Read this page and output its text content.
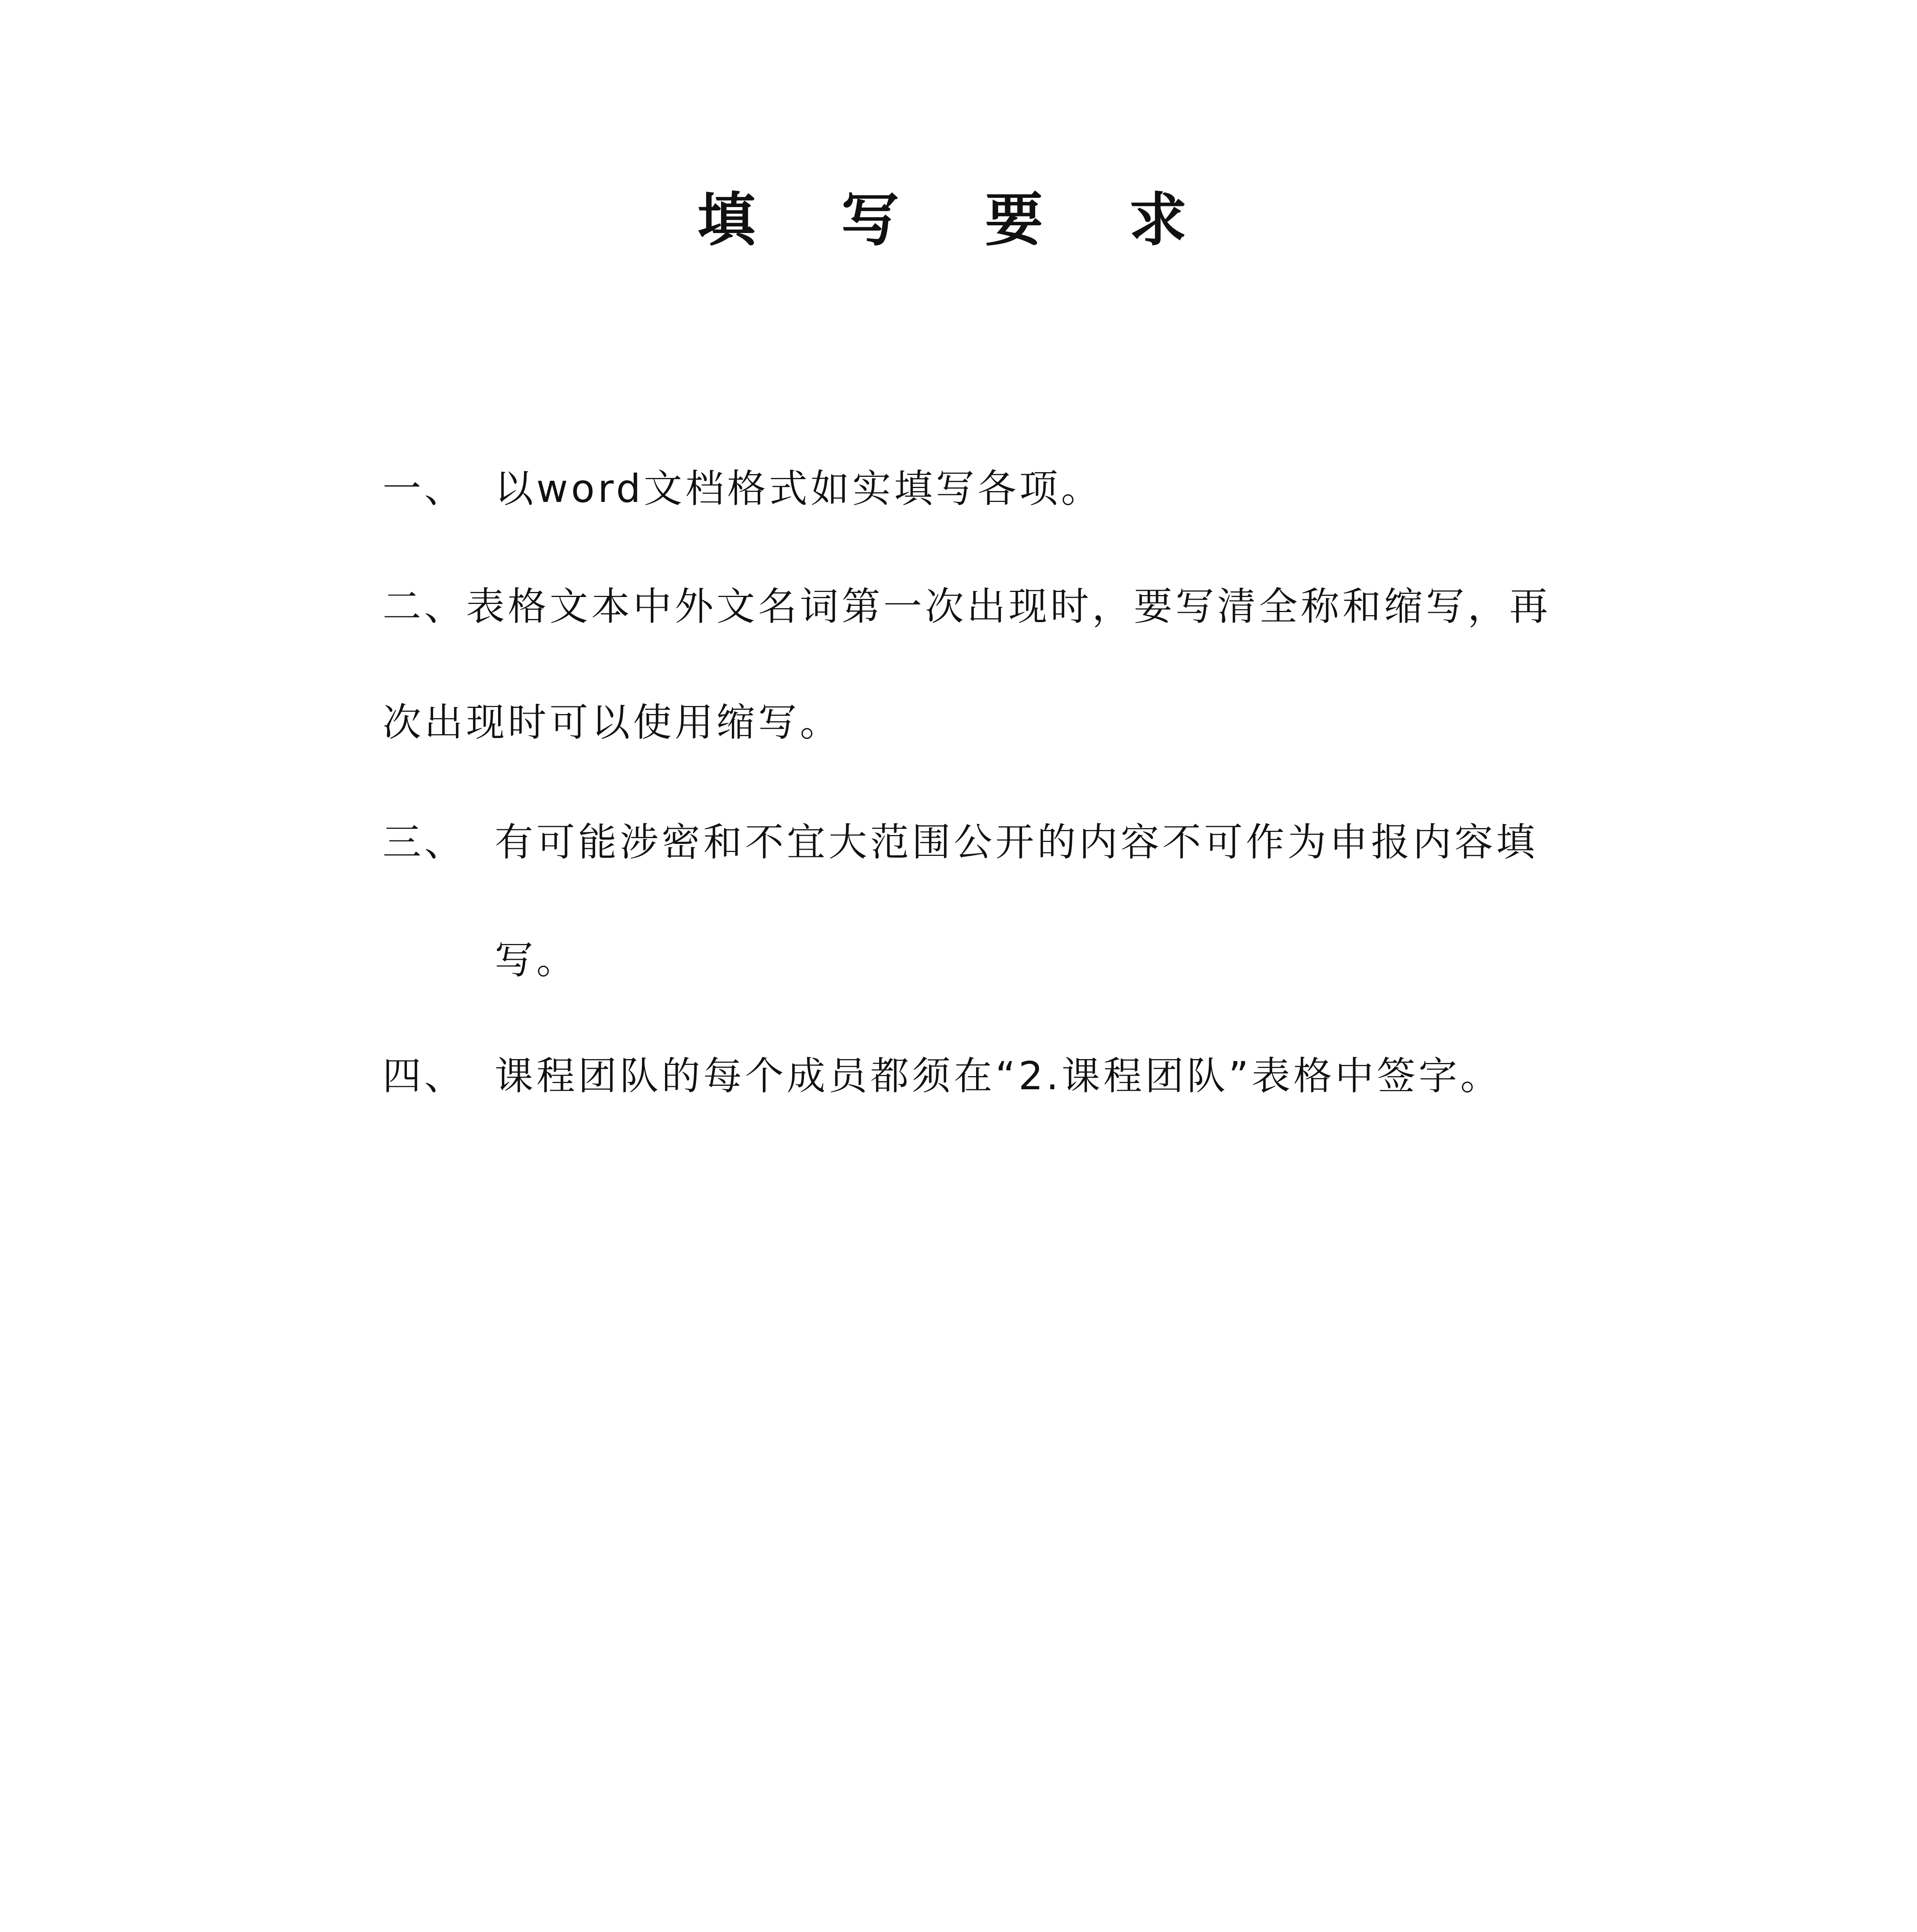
填 写 要 求
一、 以word文档格式如实填写各项。
二、表格文本中外文名词第一次出现时，要写清全称和缩写，再
次出现时可以使用缩写。
三、 有可能涉密和不宜大范围公开的内容不可作为申报内容填
写。
四、 课程团队的每个成员都须在“2.课程团队”表格中签字。
